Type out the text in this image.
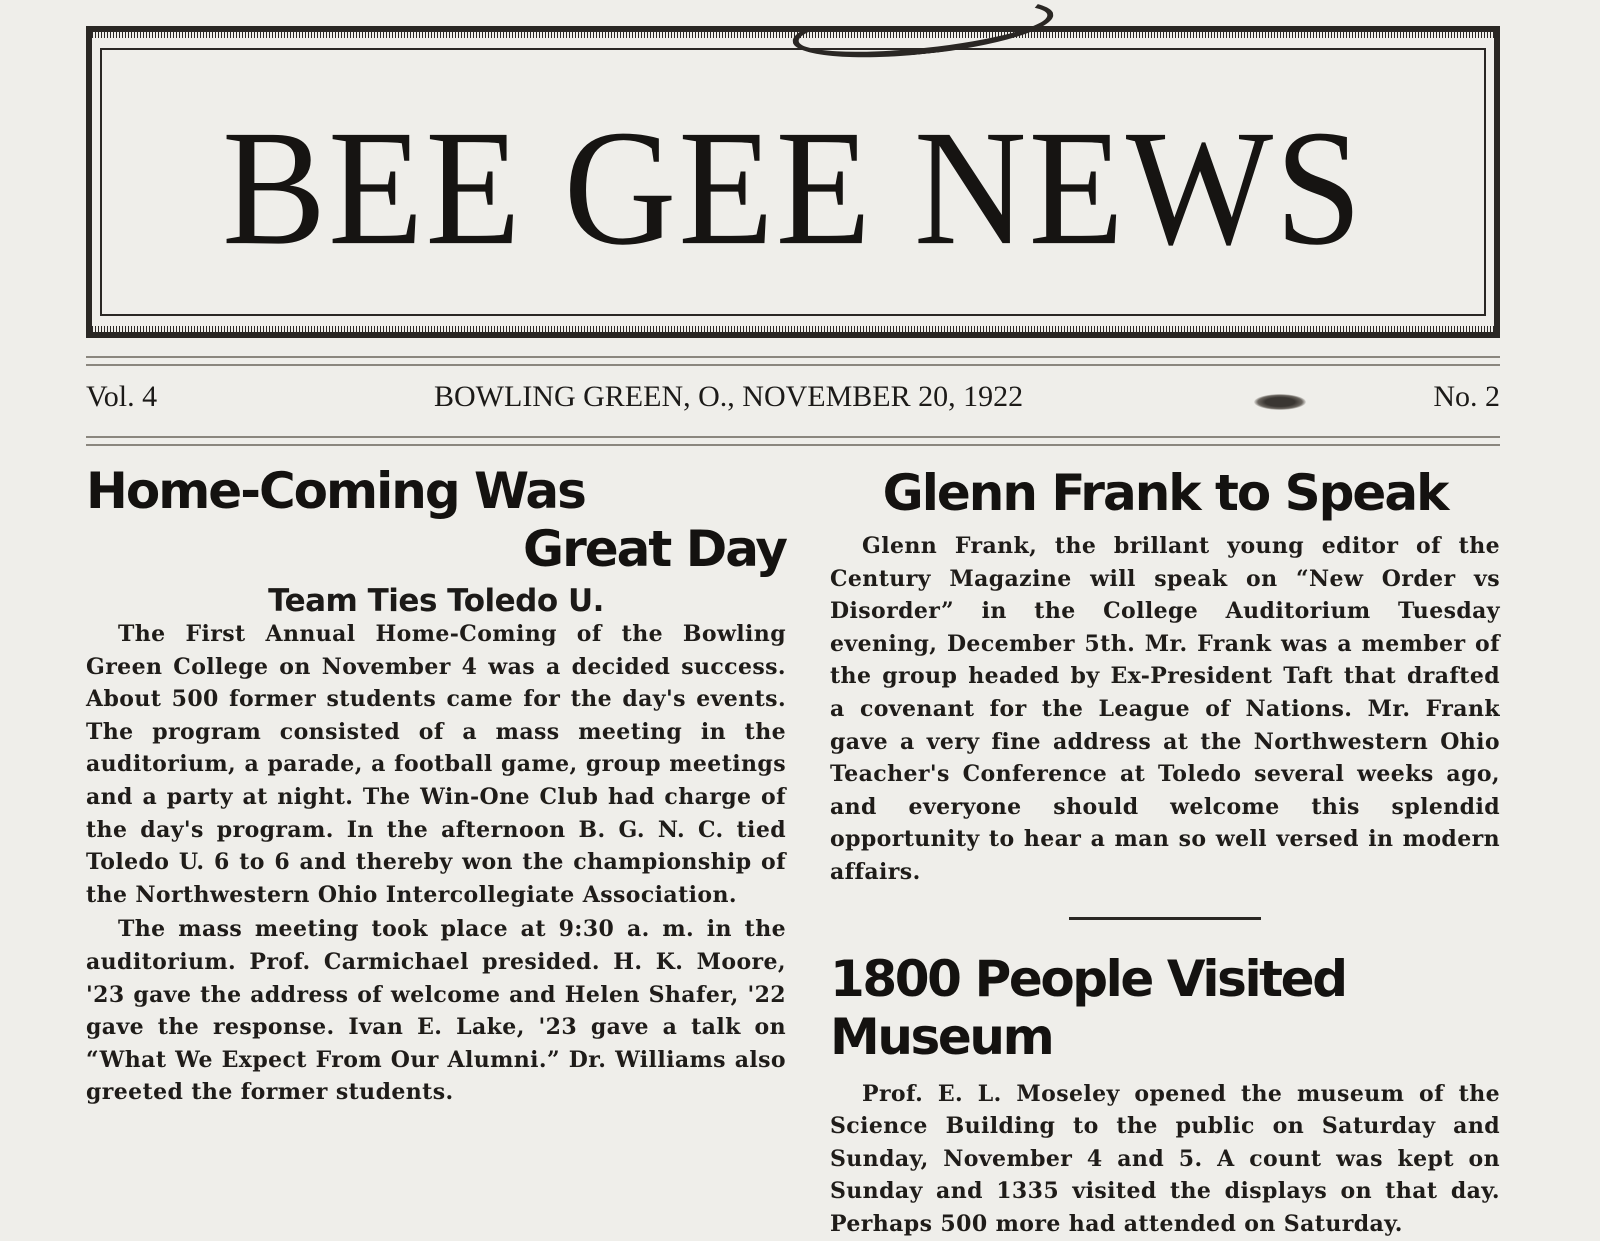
BEE GEE NEWS
Vol. 4	BOWLING GREEN, O., NOVEMBER 20, 1922	No. 2
Home-Coming Was
Great Day
Team Ties Toledo U.

The First Annual Home-Coming of the Bowling Green College on November 4 was a decided success. About 500 former students came for the day's events. The program consisted of a mass meeting in the auditorium, a parade, a football game, group meetings and a party at night. The Win-One Club had charge of the day's program. In the afternoon B. G. N. C. tied Toledo U. 6 to 6 and thereby won the championship of the Northwestern Ohio Intercollegiate Association.

The mass meeting took place at 9:30 a. m. in the auditorium. Prof. Carmichael presided. H. K. Moore, '23 gave the address of welcome and Helen Shafer, '22 gave the response. Ivan E. Lake, '23 gave a talk on “What We Expect From Our Alumni.” Dr. Williams also greeted the former students.

Glenn Frank to Speak

Glenn Frank, the brillant young editor of the Century Magazine will speak on “New Order vs Disorder” in the College Auditorium Tuesday evening, December 5th. Mr. Frank was a member of the group headed by Ex-President Taft that drafted a covenant for the League of Nations. Mr. Frank gave a very fine address at the Northwestern Ohio Teacher's Conference at Toledo several weeks ago, and everyone should welcome this splendid opportunity to hear a man so well versed in modern affairs.

1800 People Visited Museum

Prof. E. L. Moseley opened the museum of the Science Building to the public on Saturday and Sunday, November 4 and 5. A count was kept on Sunday and 1335 visited the displays on that day. Perhaps 500 more had attended on Saturday.
